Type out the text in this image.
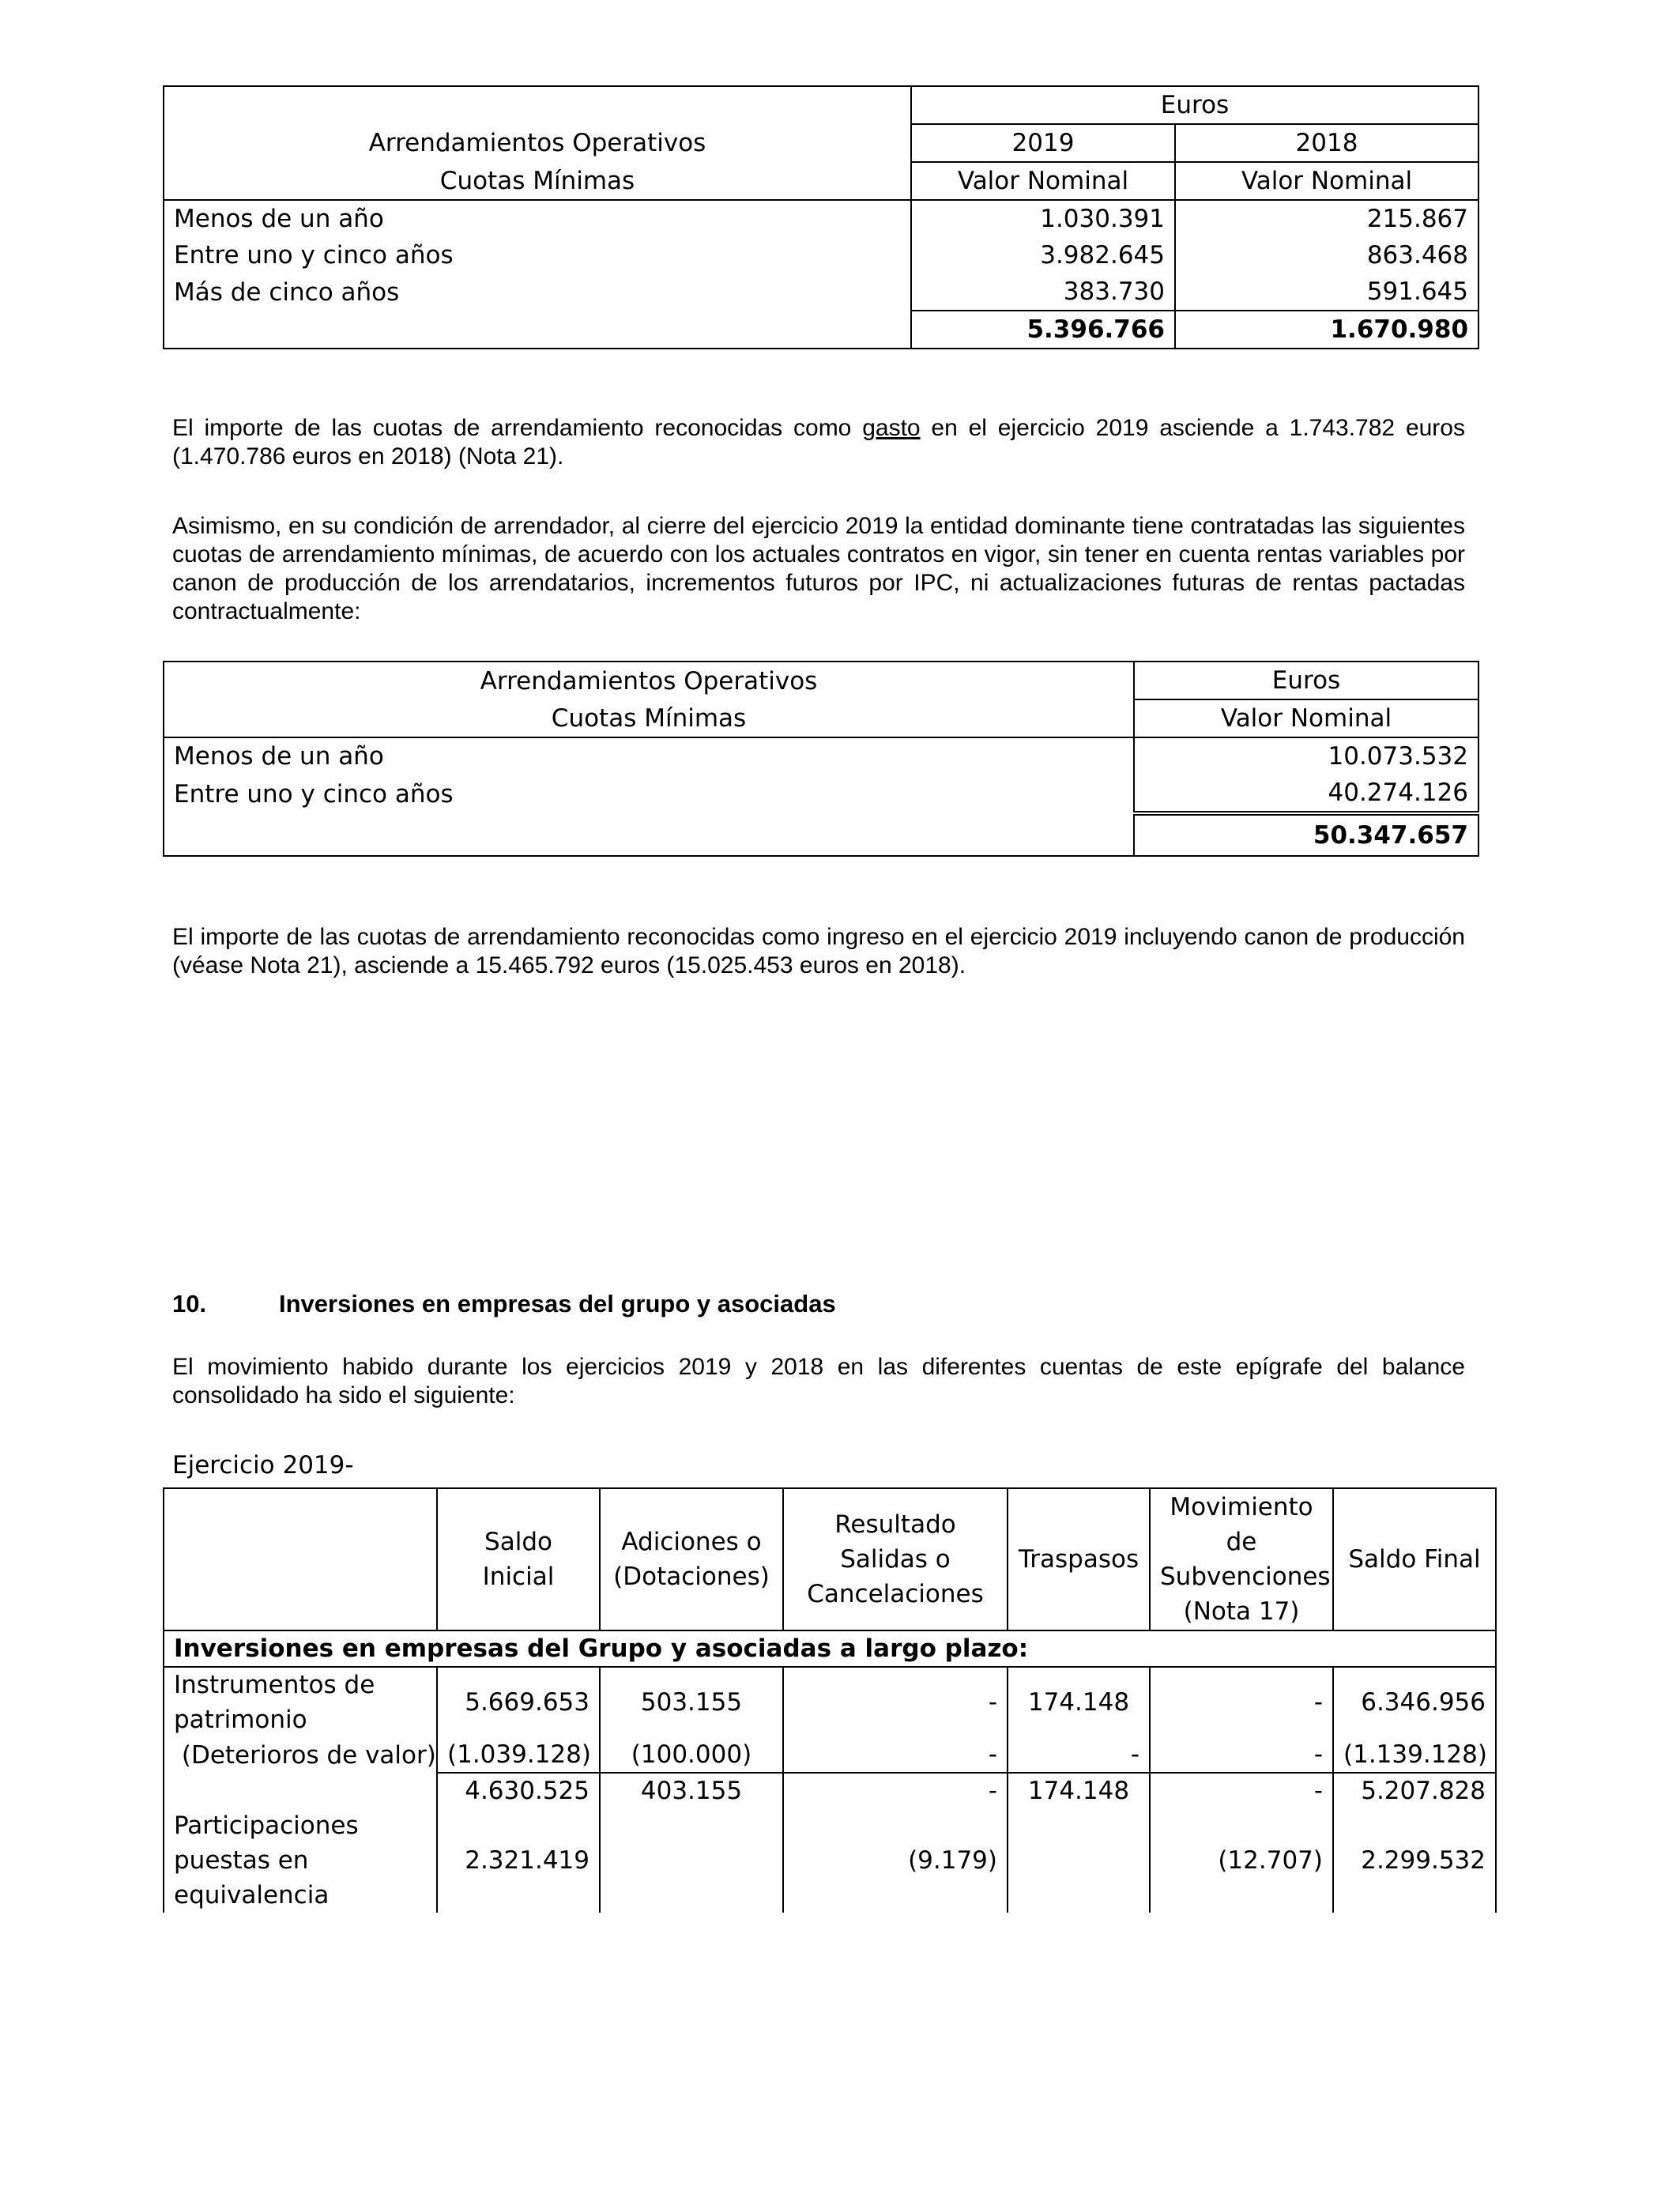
	Euros	
Arrendamientos Operativos	2019	2018
Cuotas Mínimas	Valor Nominal	Valor Nominal
Menos de un año	1.030.391	215.867
Entre uno y cinco años	3.982.645	863.468
Más de cinco años	383.730	591.645
	5.396.766	1.670.980

El importe de las cuotas de arrendamiento reconocidas como gasto en el ejercicio 2019 asciende a 1.743.782 euros (1.470.786 euros en 2018) (Nota 21).

Asimismo, en su condición de arrendador, al cierre del ejercicio 2019 la entidad dominante tiene contratadas las siguientes cuotas de arrendamiento mínimas, de acuerdo con los actuales contratos en vigor, sin tener en cuenta rentas variables por canon de producción de los arrendatarios, incrementos futuros por IPC, ni actualizaciones futuras de rentas pactadas contractualmente:

Arrendamientos Operativos	Euros
Cuotas Mínimas	Valor Nominal
Menos de un año	10.073.532
Entre uno y cinco años	40.274.126
	50.347.657

El importe de las cuotas de arrendamiento reconocidas como ingreso en el ejercicio 2019 incluyendo canon de producción (véase Nota 21), asciende a 15.465.792 euros (15.025.453 euros en 2018).

10.	Inversiones en empresas del grupo y asociadas

El movimiento habido durante los ejercicios 2019 y 2018 en las diferentes cuentas de este epígrafe del balance consolidado ha sido el siguiente:

Ejercicio 2019-
	Saldo Inicial	Adiciones o (Dotaciones)	Resultado Salidas o Cancelaciones	Traspasos	Movimiento de Subvenciones (Nota 17)	Saldo Final
Inversiones en empresas del Grupo y asociadas a largo plazo:						
Instrumentos de patrimonio	5.669.653	503.155	-	174.148	-	6.346.956
(Deterioros de valor)	(1.039.128)	(100.000)	-	-	-	(1.139.128)
	4.630.525	403.155	-	174.148	-	5.207.828
Participaciones puestas en equivalencia	2.321.419		(9.179)		(12.707)	2.299.532
